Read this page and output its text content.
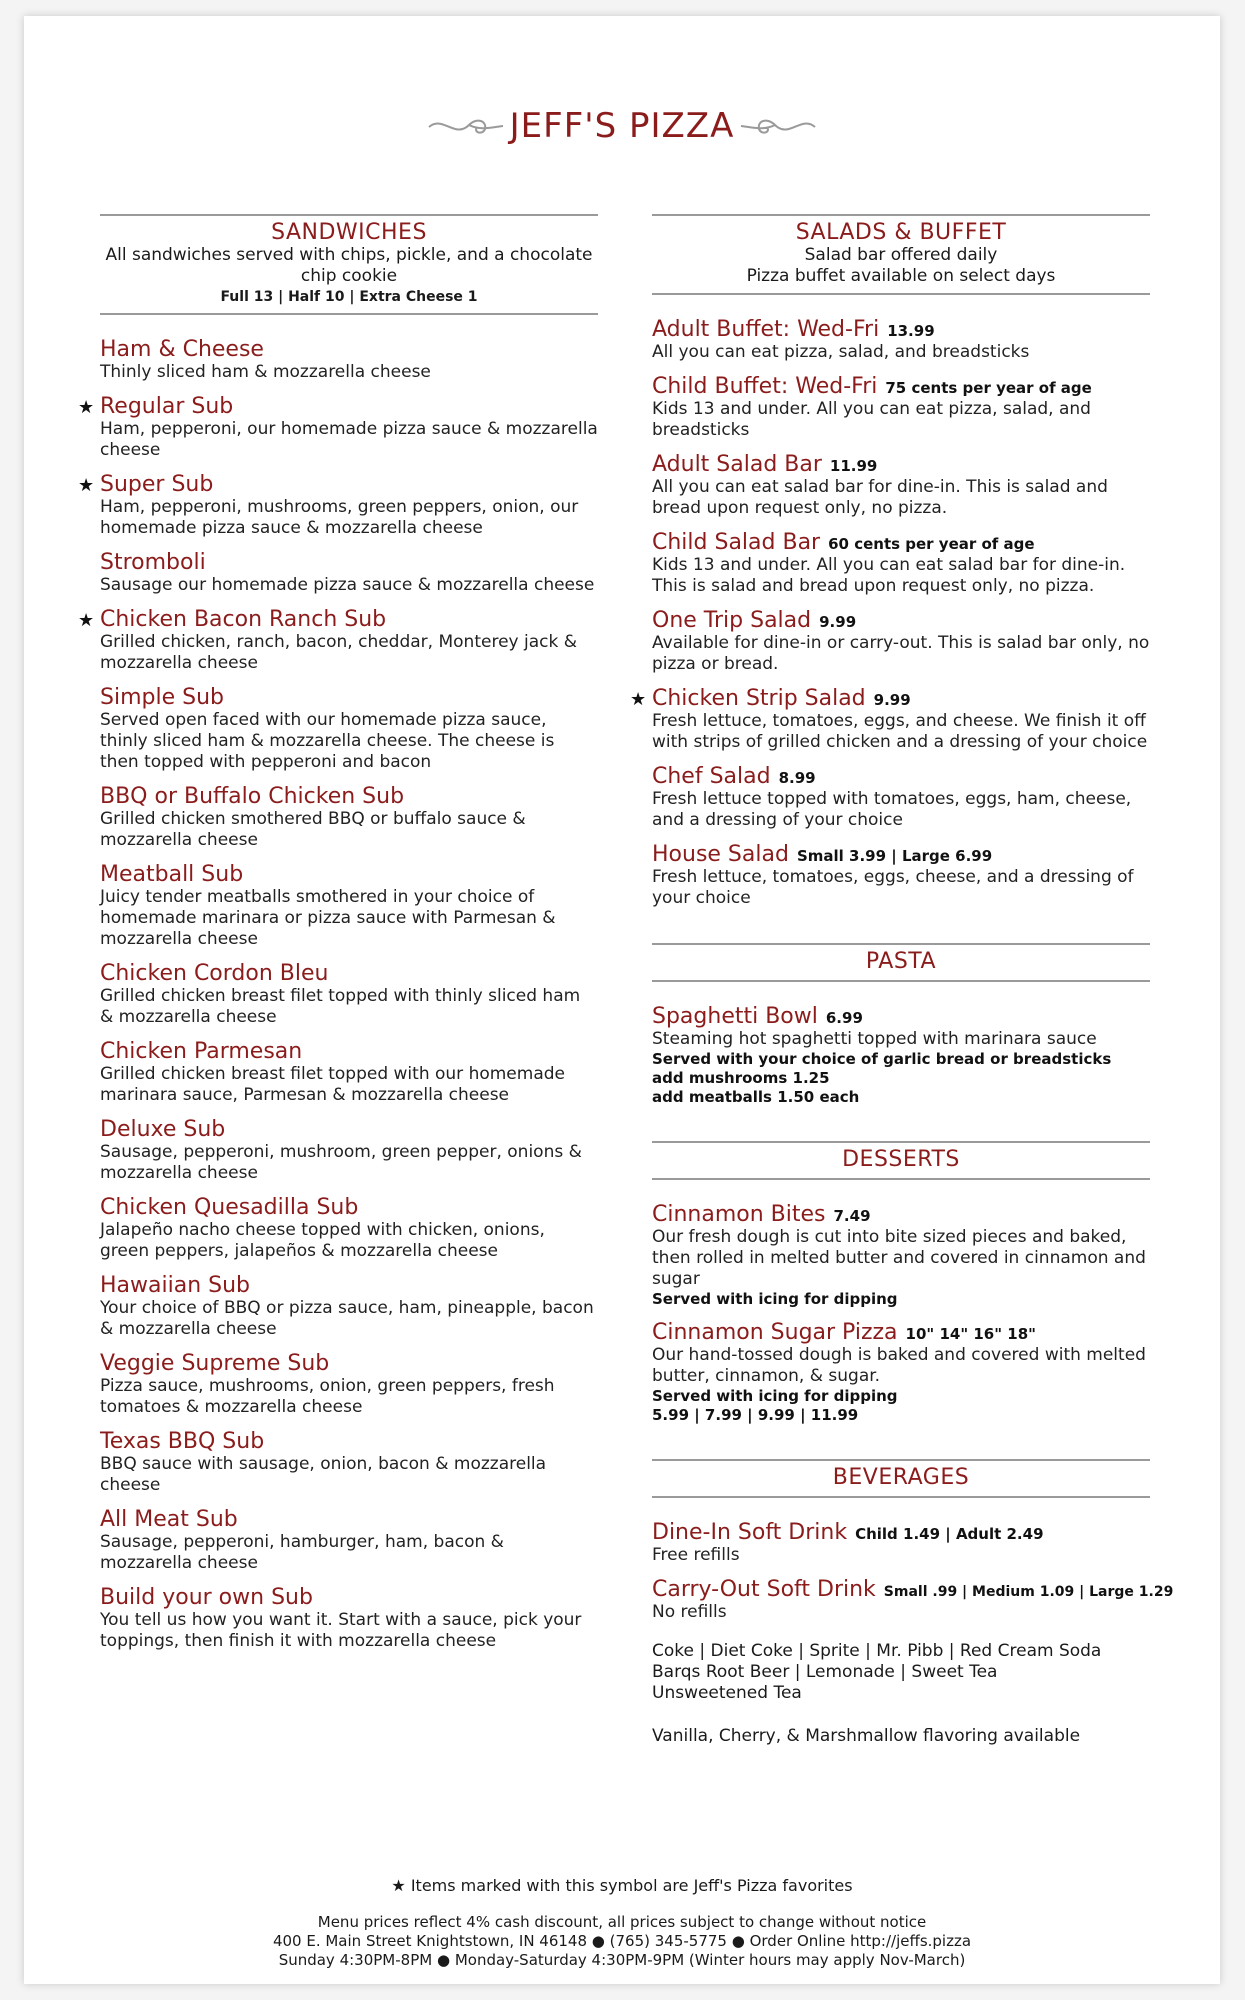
JEFF'S PIZZA
SANDWICHES
All sandwiches served with chips, pickle, and a chocolate chip cookie
Full 13 | Half 10 | Extra Cheese 1
Ham & Cheese
Thinly sliced ham & mozzarella cheese
★ Regular Sub
Ham, pepperoni, our homemade pizza sauce & mozzarella cheese
★ Super Sub
Ham, pepperoni, mushrooms, green peppers, onion, our homemade pizza sauce & mozzarella cheese
Stromboli
Sausage our homemade pizza sauce & mozzarella cheese
★ Chicken Bacon Ranch Sub
Grilled chicken, ranch, bacon, cheddar, Monterey jack & mozzarella cheese
Simple Sub
Served open faced with our homemade pizza sauce, thinly sliced ham & mozzarella cheese. The cheese is then topped with pepperoni and bacon
BBQ or Buffalo Chicken Sub
Grilled chicken smothered BBQ or buffalo sauce & mozzarella cheese
Meatball Sub
Juicy tender meatballs smothered in your choice of homemade marinara or pizza sauce with Parmesan & mozzarella cheese
Chicken Cordon Bleu
Grilled chicken breast filet topped with thinly sliced ham & mozzarella cheese
Chicken Parmesan
Grilled chicken breast filet topped with our homemade marinara sauce, Parmesan & mozzarella cheese
Deluxe Sub
Sausage, pepperoni, mushroom, green pepper, onions & mozzarella cheese
Chicken Quesadilla Sub
Jalapeño nacho cheese topped with chicken, onions, green peppers, jalapeños & mozzarella cheese
Hawaiian Sub
Your choice of BBQ or pizza sauce, ham, pineapple, bacon & mozzarella cheese
Veggie Supreme Sub
Pizza sauce, mushrooms, onion, green peppers, fresh tomatoes & mozzarella cheese
Texas BBQ Sub
BBQ sauce with sausage, onion, bacon & mozzarella cheese
All Meat Sub
Sausage, pepperoni, hamburger, ham, bacon & mozzarella cheese
Build your own Sub
You tell us how you want it. Start with a sauce, pick your toppings, then finish it with mozzarella cheese
SALADS & BUFFET
Salad bar offered daily
Pizza buffet available on select days
Adult Buffet: Wed-Fri 13.99
All you can eat pizza, salad, and breadsticks
Child Buffet: Wed-Fri 75 cents per year of age
Kids 13 and under. All you can eat pizza, salad, and breadsticks
Adult Salad Bar 11.99
All you can eat salad bar for dine-in. This is salad and bread upon request only, no pizza.
Child Salad Bar 60 cents per year of age
Kids 13 and under. All you can eat salad bar for dine-in. This is salad and bread upon request only, no pizza.
One Trip Salad 9.99
Available for dine-in or carry-out. This is salad bar only, no pizza or bread.
★ Chicken Strip Salad 9.99
Fresh lettuce, tomatoes, eggs, and cheese. We finish it off with strips of grilled chicken and a dressing of your choice
Chef Salad 8.99
Fresh lettuce topped with tomatoes, eggs, ham, cheese, and a dressing of your choice
House Salad Small 3.99 | Large 6.99
Fresh lettuce, tomatoes, eggs, cheese, and a dressing of your choice
PASTA
Spaghetti Bowl 6.99
Steaming hot spaghetti topped with marinara sauce
Served with your choice of garlic bread or breadsticks
add mushrooms 1.25
add meatballs 1.50 each
DESSERTS
Cinnamon Bites 7.49
Our fresh dough is cut into bite sized pieces and baked, then rolled in melted butter and covered in cinnamon and sugar
Served with icing for dipping
Cinnamon Sugar Pizza 10" 14" 16" 18"
Our hand-tossed dough is baked and covered with melted butter, cinnamon, & sugar.
Served with icing for dipping
5.99 | 7.99 | 9.99 | 11.99
BEVERAGES
Dine-In Soft Drink Child 1.49 | Adult 2.49
Free refills
Carry-Out Soft Drink Small .99 | Medium 1.09 | Large 1.29
No refills
Coke | Diet Coke | Sprite | Mr. Pibb | Red Cream Soda
Barqs Root Beer | Lemonade | Sweet Tea
Unsweetened Tea
Vanilla, Cherry, & Marshmallow flavoring available
★ Items marked with this symbol are Jeff's Pizza favorites
Menu prices reflect 4% cash discount, all prices subject to change without notice
400 E. Main Street Knightstown, IN 46148 ● (765) 345-5775 ● Order Online http://jeffs.pizza
Sunday 4:30PM-8PM ● Monday-Saturday 4:30PM-9PM (Winter hours may apply Nov-March)
